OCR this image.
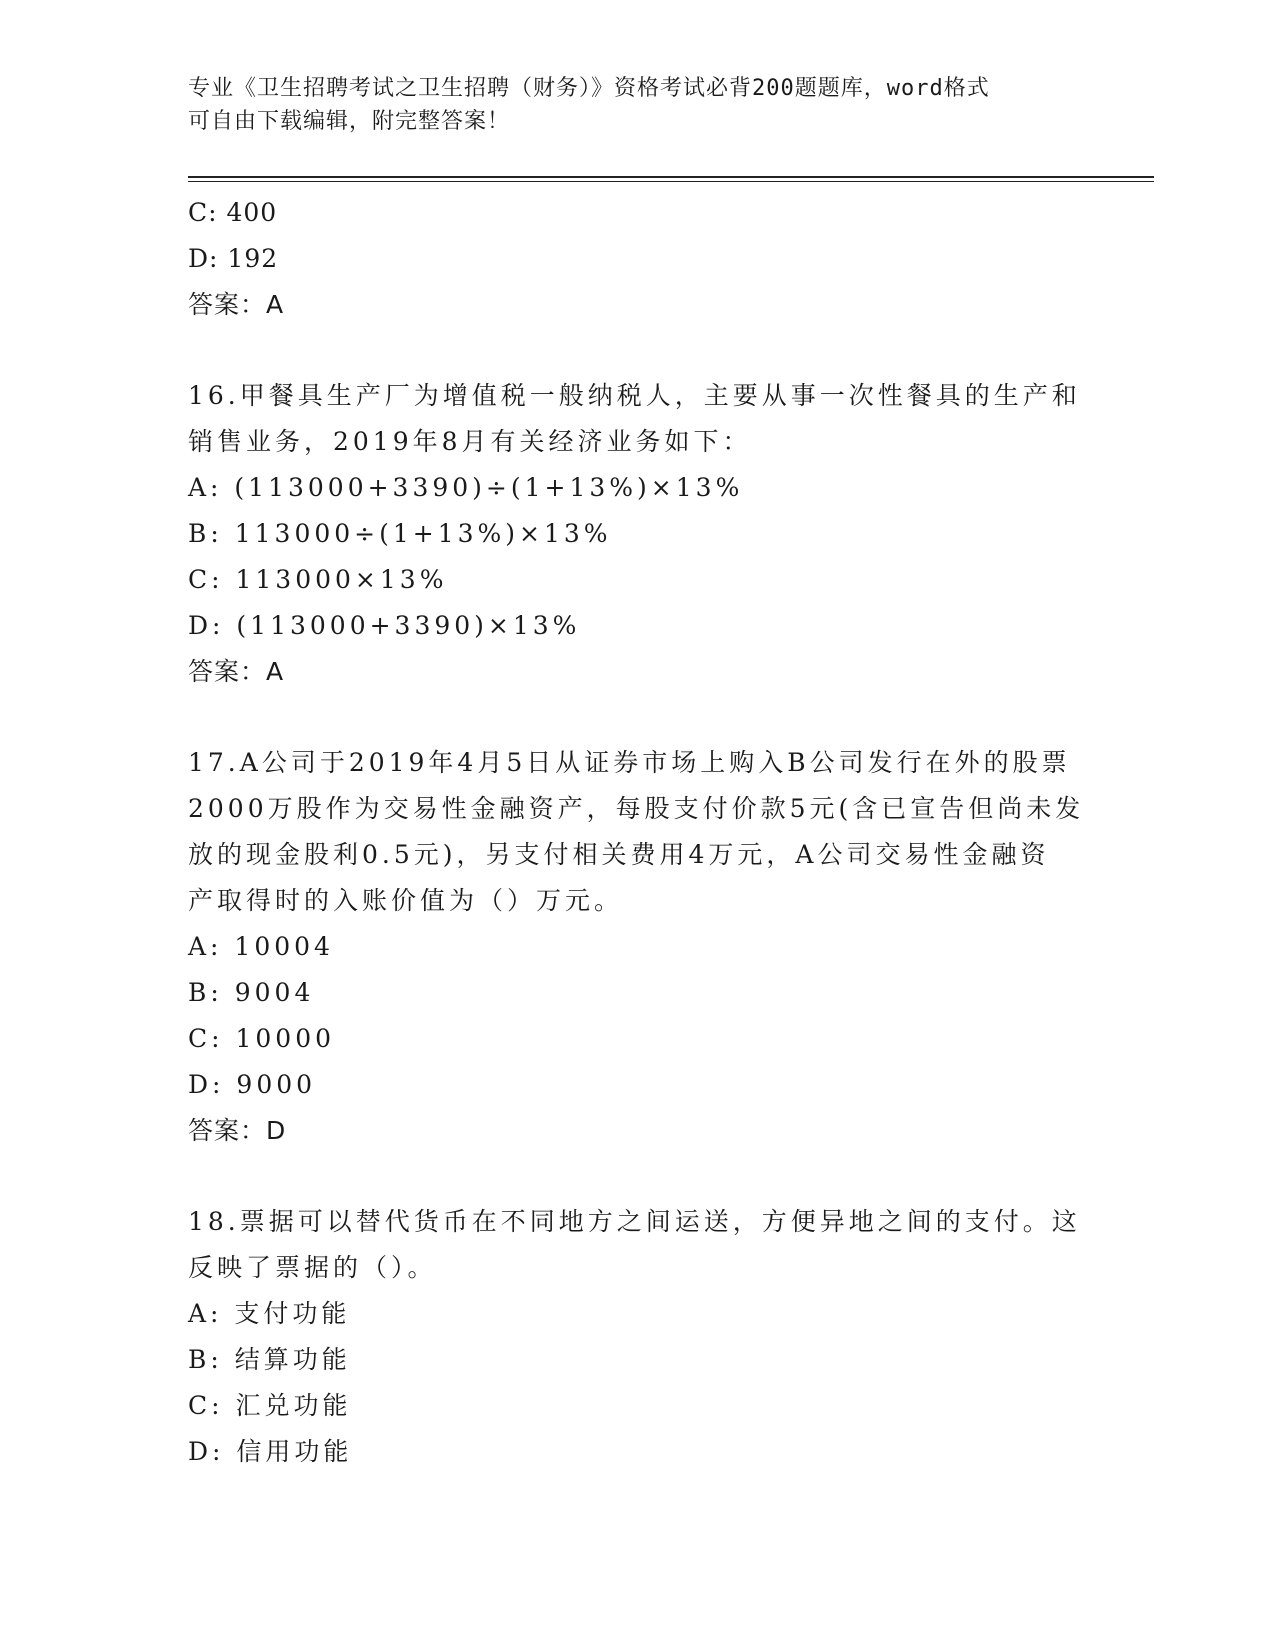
专业《卫生招聘考试之卫生招聘（财务）》资格考试必背200题题库，word格式
可自由下载编辑，附完整答案！
C: 400
D: 192
答案：A
16.甲餐具生产厂为增值税一般纳税人，主要从事一次性餐具的生产和
销售业务，2019年8月有关经济业务如下：
A: (113000+3390)÷(1+13%)×13%
B: 113000÷(1+13%)×13%
C: 113000×13%
D: (113000+3390)×13%
答案：A
17.A公司于2019年4月5日从证券市场上购入B公司发行在外的股票
2000万股作为交易性金融资产，每股支付价款5元(含已宣告但尚未发
放的现金股利0.5元)，另支付相关费用4万元，A公司交易性金融资
产取得时的入账价值为（）万元。
A: 10004
B: 9004
C: 10000
D: 9000
答案：D
18.票据可以替代货币在不同地方之间运送，方便异地之间的支付。这
反映了票据的（）。
A: 支付功能
B: 结算功能
C: 汇兑功能
D: 信用功能
